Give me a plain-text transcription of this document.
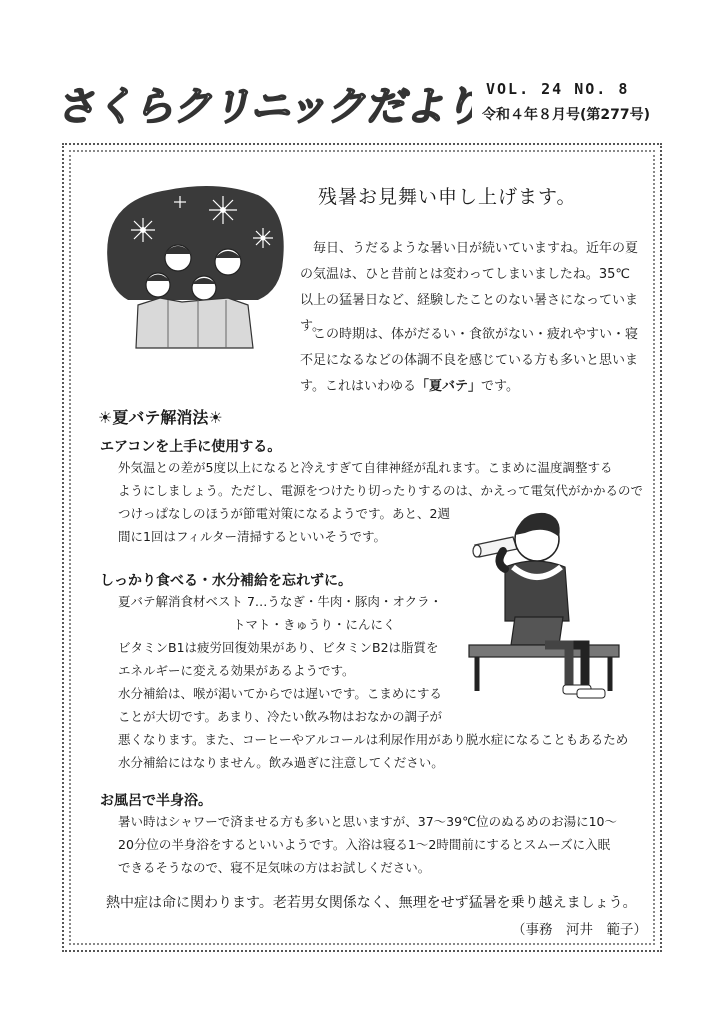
さくらクリニックだより
VOL. 24 NO. 8
令和４年８月号(第277号)
残暑お見舞い申し上げます。
毎日、うだるような暑い日が続いていますね。近年の夏の気温は、ひと昔前とは変わってしまいましたね。35℃以上の猛暑日など、経験したことのない暑さになっています。
この時期は、体がだるい・食欲がない・疲れやすい・寝不足になるなどの体調不良を感じている方も多いと思います。これはいわゆる「夏バテ」です。
☀夏バテ解消法☀
エアコンを上手に使用する。
外気温との差が5度以上になると冷えすぎて自律神経が乱れます。こまめに温度調整する
ようにしましょう。ただし、電源をつけたり切ったりするのは、かえって電気代がかかるので
つけっぱなしのほうが節電対策になるようです。あと、2週
間に1回はフィルター清掃するといいそうです。
しっかり食べる・水分補給を忘れずに。
夏バテ解消食材ベスト 7…うなぎ・牛肉・豚肉・オクラ・
トマト・きゅうり・にんにく
ビタミンB1は疲労回復効果があり、ビタミンB2は脂質を
エネルギーに変える効果があるようです。
水分補給は、喉が渇いてからでは遅いです。こまめにする
ことが大切です。あまり、冷たい飲み物はおなかの調子が
悪くなります。また、コーヒーやアルコールは利尿作用があり脱水症になることもあるため
水分補給にはなりません。飲み過ぎに注意してください。
お風呂で半身浴。
暑い時はシャワーで済ませる方も多いと思いますが、37～39℃位のぬるめのお湯に10～
20分位の半身浴をするといいようです。入浴は寝る1～2時間前にするとスムーズに入眠
できるそうなので、寝不足気味の方はお試しください。
熱中症は命に関わります。老若男女関係なく、無理をせず猛暑を乗り越えましょう。
（事務　河井　範子）
